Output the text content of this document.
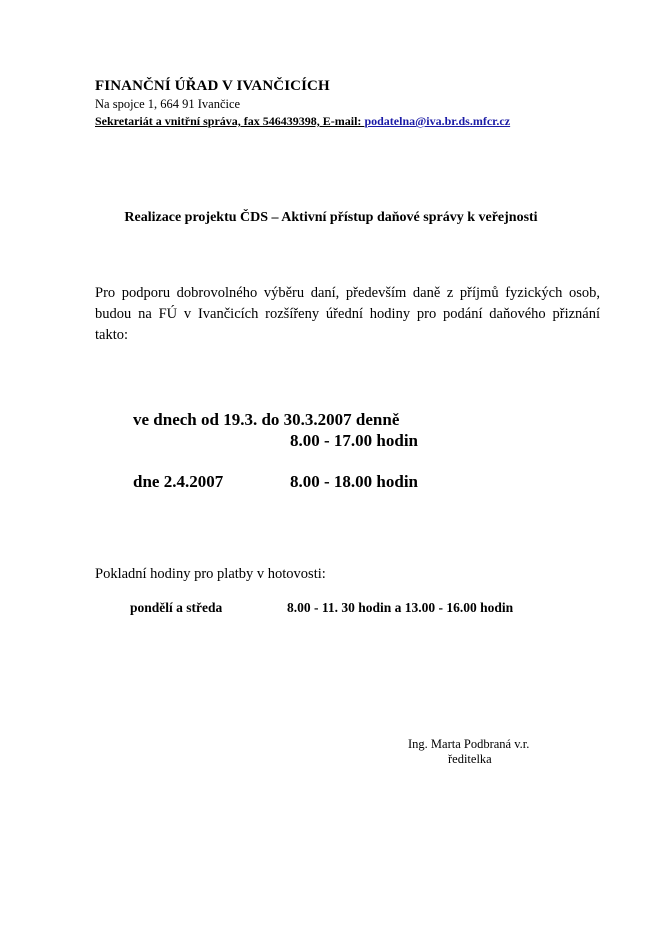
FINANČNÍ ÚŘAD V IVANČICÍCH
Na spojce 1, 664 91 Ivančice
Sekretariát a vnitřní správa, fax 546439398, E-mail: podatelna@iva.br.ds.mfcr.cz
Realizace projektu ČDS – Aktivní přístup daňové správy k veřejnosti
Pro podporu dobrovolného výběru daní, především daně z příjmů fyzických osob, budou na FÚ v Ivančicích rozšířeny úřední hodiny pro podání daňového přiznání takto:
ve dnech od 19.3. do 30.3.2007 denně
8.00 - 17.00 hodin
dne 2.4.2007	8.00 - 18.00 hodin
Pokladní hodiny pro platby v hotovosti:
pondělí a středa	8.00 - 11. 30 hodin a 13.00 - 16.00 hodin
Ing. Marta Podbraná v.r.
ředitelka
